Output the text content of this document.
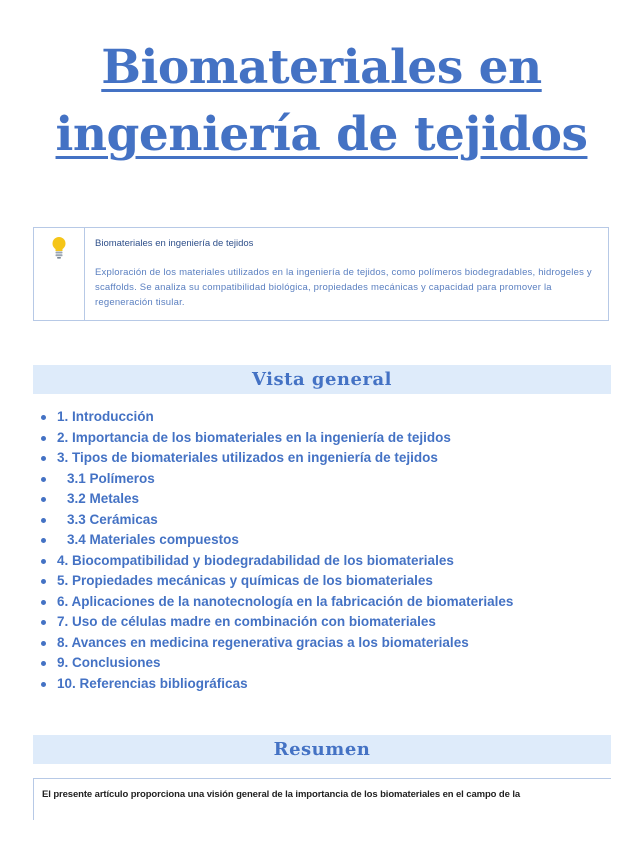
Biomateriales en
ingeniería de tejidos
Biomateriales en ingeniería de tejidos
Exploración de los materiales utilizados en la ingeniería de tejidos, como polímeros biodegradables, hidrogeles y scaffolds. Se analiza su compatibilidad biológica, propiedades mecánicas y capacidad para promover la regeneración tisular.
Vista general
1. Introducción
2. Importancia de los biomateriales en la ingeniería de tejidos
3. Tipos de biomateriales utilizados en ingeniería de tejidos
3.1 Polímeros
3.2 Metales
3.3 Cerámicas
3.4 Materiales compuestos
4. Biocompatibilidad y biodegradabilidad de los biomateriales
5. Propiedades mecánicas y químicas de los biomateriales
6. Aplicaciones de la nanotecnología en la fabricación de biomateriales
7. Uso de células madre en combinación con biomateriales
8. Avances en medicina regenerativa gracias a los biomateriales
9. Conclusiones
10. Referencias bibliográficas
Resumen
El presente artículo proporciona una visión general de la importancia de los biomateriales en el campo de la
